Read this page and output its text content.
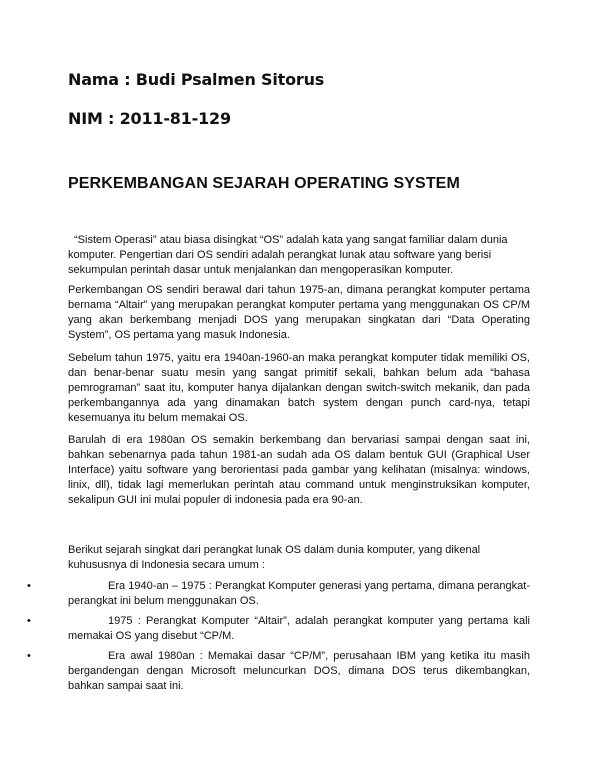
Nama : Budi Psalmen Sitorus
NIM : 2011-81-129
PERKEMBANGAN SEJARAH OPERATING SYSTEM
“Sistem Operasi” atau biasa disingkat “OS” adalah kata yang sangat familiar dalam dunia komputer. Pengertian dari OS sendiri adalah perangkat lunak atau software yang berisi sekumpulan perintah dasar untuk menjalankan dan mengoperasikan komputer.
Perkembangan OS sendiri berawal dari tahun 1975-an, dimana perangkat komputer pertama bernama “Altair” yang merupakan perangkat komputer pertama yang menggunakan OS CP/M yang akan berkembang menjadi DOS yang merupakan singkatan dari “Data Operating System”, OS pertama yang masuk Indonesia.
Sebelum tahun 1975, yaitu era 1940an-1960-an maka perangkat komputer tidak memiliki OS, dan benar-benar suatu mesin yang sangat primitif sekali, bahkan belum ada “bahasa pemrograman” saat itu, komputer hanya dijalankan dengan switch-switch mekanik, dan pada perkembangannya ada yang dinamakan batch system dengan punch card-nya, tetapi kesemuanya itu belum memakai OS.
Barulah di era 1980an OS semakin berkembang dan bervariasi sampai dengan saat ini, bahkan sebenarnya pada tahun 1981-an sudah ada OS dalam bentuk GUI (Graphical User Interface) yaitu software yang berorientasi pada gambar yang kelihatan (misalnya: windows, linix, dll), tidak lagi memerlukan perintah atau command untuk menginstruksikan komputer, sekalipun GUI ini mulai populer di indonesia pada era 90-an.
Berikut sejarah singkat dari perangkat lunak OS dalam dunia komputer, yang dikenal kuhususnya di Indonesia secara umum :
•	Era 1940-an – 1975 : Perangkat Komputer generasi yang pertama, dimana perangkat- perangkat ini belum menggunakan OS.
•	1975 : Perangkat Komputer “Altair”, adalah perangkat komputer yang pertama kali memakai OS yang disebut “CP/M.
•	Era awal 1980an : Memakai dasar “CP/M”, perusahaan IBM yang ketika itu masih bergandengan dengan Microsoft meluncurkan DOS, dimana DOS terus dikembangkan, bahkan sampai saat ini.
